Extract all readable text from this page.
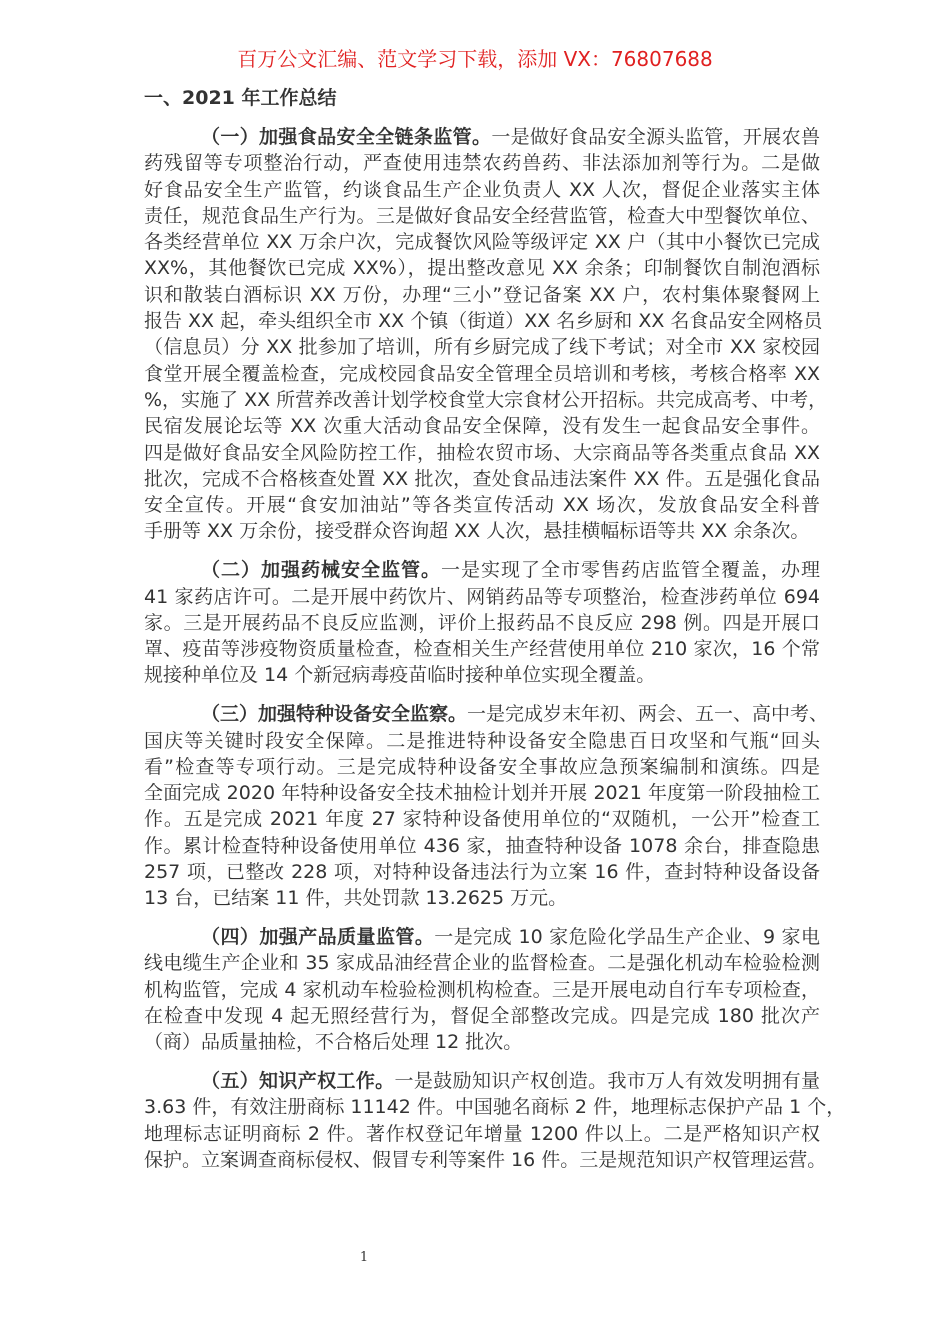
百万公文汇编、范文学习下载，添加 VX：76807688
一、2021 年工作总结
（一）加强食品安全全链条监管。一是做好食品安全源头监管，开展农兽
药残留等专项整治行动，严查使用违禁农药兽药、非法添加剂等行为。二是做
好食品安全生产监管，约谈食品生产企业负责人 XX 人次，督促企业落实主体
责任，规范食品生产行为。三是做好食品安全经营监管，检查大中型餐饮单位、
各类经营单位 XX 万余户次，完成餐饮风险等级评定 XX 户（其中小餐饮已完成
XX%，其他餐饮已完成 XX%），提出整改意见 XX 余条；印制餐饮自制泡酒标
识和散装白酒标识 XX 万份，办理“三小”登记备案 XX 户，农村集体聚餐网上
报告 XX 起，牵头组织全市 XX 个镇（街道）XX 名乡厨和 XX 名食品安全网格员
（信息员）分 XX 批参加了培训，所有乡厨完成了线下考试；对全市 XX 家校园
食堂开展全覆盖检查，完成校园食品安全管理全员培训和考核，考核合格率 XX
%，实施了 XX 所营养改善计划学校食堂大宗食材公开招标。共完成高考、中考，
民宿发展论坛等 XX 次重大活动食品安全保障，没有发生一起食品安全事件。
四是做好食品安全风险防控工作，抽检农贸市场、大宗商品等各类重点食品 XX
批次，完成不合格核查处置 XX 批次，查处食品违法案件 XX 件。五是强化食品
安全宣传。开展“食安加油站”等各类宣传活动 XX 场次，发放食品安全科普
手册等 XX 万余份，接受群众咨询超 XX 人次，悬挂横幅标语等共 XX 余条次。
（二）加强药械安全监管。一是实现了全市零售药店监管全覆盖，办理
41 家药店许可。二是开展中药饮片、网销药品等专项整治，检查涉药单位 694
家。三是开展药品不良反应监测，评价上报药品不良反应 298 例。四是开展口
罩、疫苗等涉疫物资质量检查，检查相关生产经营使用单位 210 家次，16 个常
规接种单位及 14 个新冠病毒疫苗临时接种单位实现全覆盖。
（三）加强特种设备安全监察。一是完成岁末年初、两会、五一、高中考、
国庆等关键时段安全保障。二是推进特种设备安全隐患百日攻坚和气瓶“回头
看”检查等专项行动。三是完成特种设备安全事故应急预案编制和演练。四是
全面完成 2020 年特种设备安全技术抽检计划并开展 2021 年度第一阶段抽检工
作。五是完成 2021 年度 27 家特种设备使用单位的“双随机，一公开”检查工
作。累计检查特种设备使用单位 436 家，抽查特种设备 1078 余台，排查隐患
257 项，已整改 228 项，对特种设备违法行为立案 16 件，查封特种设备设备
13 台，已结案 11 件，共处罚款 13.2625 万元。
（四）加强产品质量监管。一是完成 10 家危险化学品生产企业、9 家电
线电缆生产企业和 35 家成品油经营企业的监督检查。二是强化机动车检验检测
机构监管，完成 4 家机动车检验检测机构检查。三是开展电动自行车专项检查，
在检查中发现 4 起无照经营行为，督促全部整改完成。四是完成 180 批次产
（商）品质量抽检，不合格后处理 12 批次。
（五）知识产权工作。一是鼓励知识产权创造。我市万人有效发明拥有量
3.63 件，有效注册商标 11142 件。中国驰名商标 2 件，地理标志保护产品 1 个，
地理标志证明商标 2 件。著作权登记年增量 1200 件以上。二是严格知识产权
保护。立案调查商标侵权、假冒专利等案件 16 件。三是规范知识产权管理运营。
1
